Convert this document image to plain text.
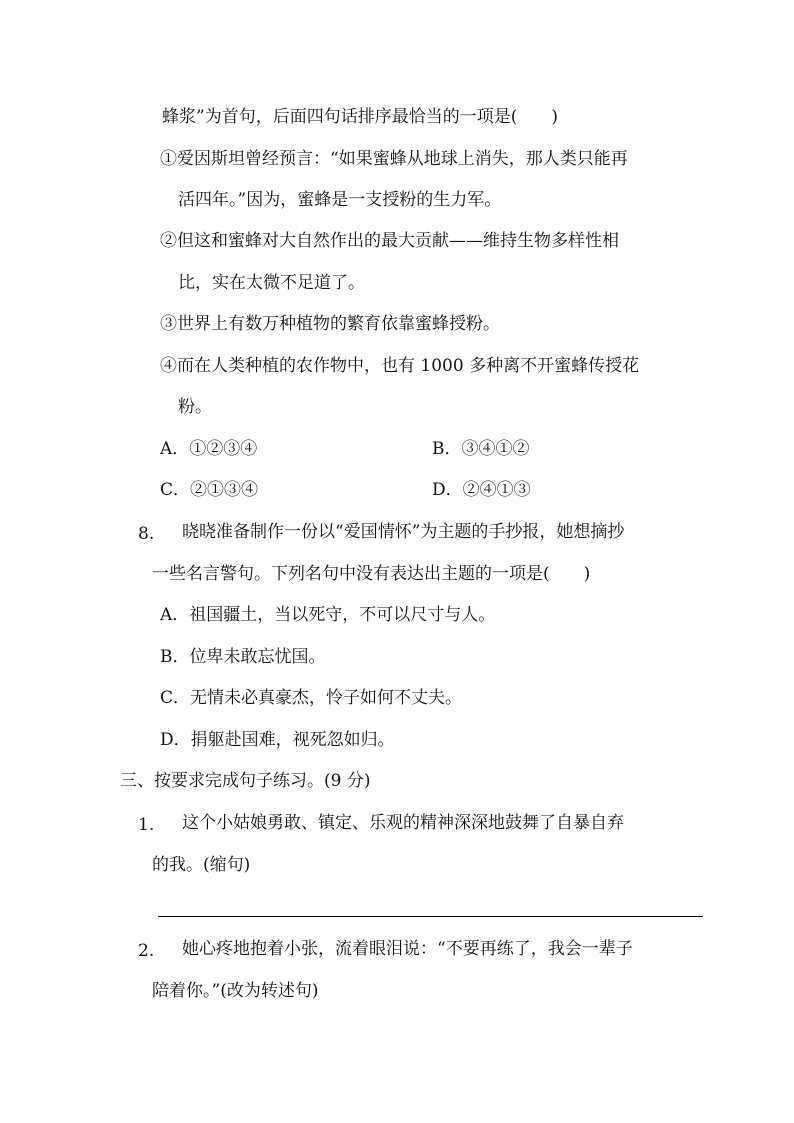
蜂浆”为首句，后面四句话排序最恰当的一项是(　　)
①爱因斯坦曾经预言：“如果蜜蜂从地球上消失，那人类只能再
活四年。”因为，蜜蜂是一支授粉的生力军。
②但这和蜜蜂对大自然作出的最大贡献——维持生物多样性相
比，实在太微不足道了。
③世界上有数万种植物的繁育依靠蜜蜂授粉。
④而在人类种植的农作物中，也有 1000 多种离不开蜜蜂传授花
粉。
A．①②③④	B．③④①②
C．②①③④	D．②④①③
8. 晓晓准备制作一份以“爱国情怀”为主题的手抄报，她想摘抄
一些名言警句。下列名句中没有表达出主题的一项是(　　)
A．祖国疆土，当以死守，不可以尺寸与人。
B．位卑未敢忘忧国。
C．无情未必真豪杰，怜子如何不丈夫。
D．捐躯赴国难，视死忽如归。
三、按要求完成句子练习。(9 分)
1. 这个小姑娘勇敢、镇定、乐观的精神深深地鼓舞了自暴自弃
的我。(缩句)
2. 她心疼地抱着小张，流着眼泪说：“不要再练了，我会一辈子
陪着你。”(改为转述句)
